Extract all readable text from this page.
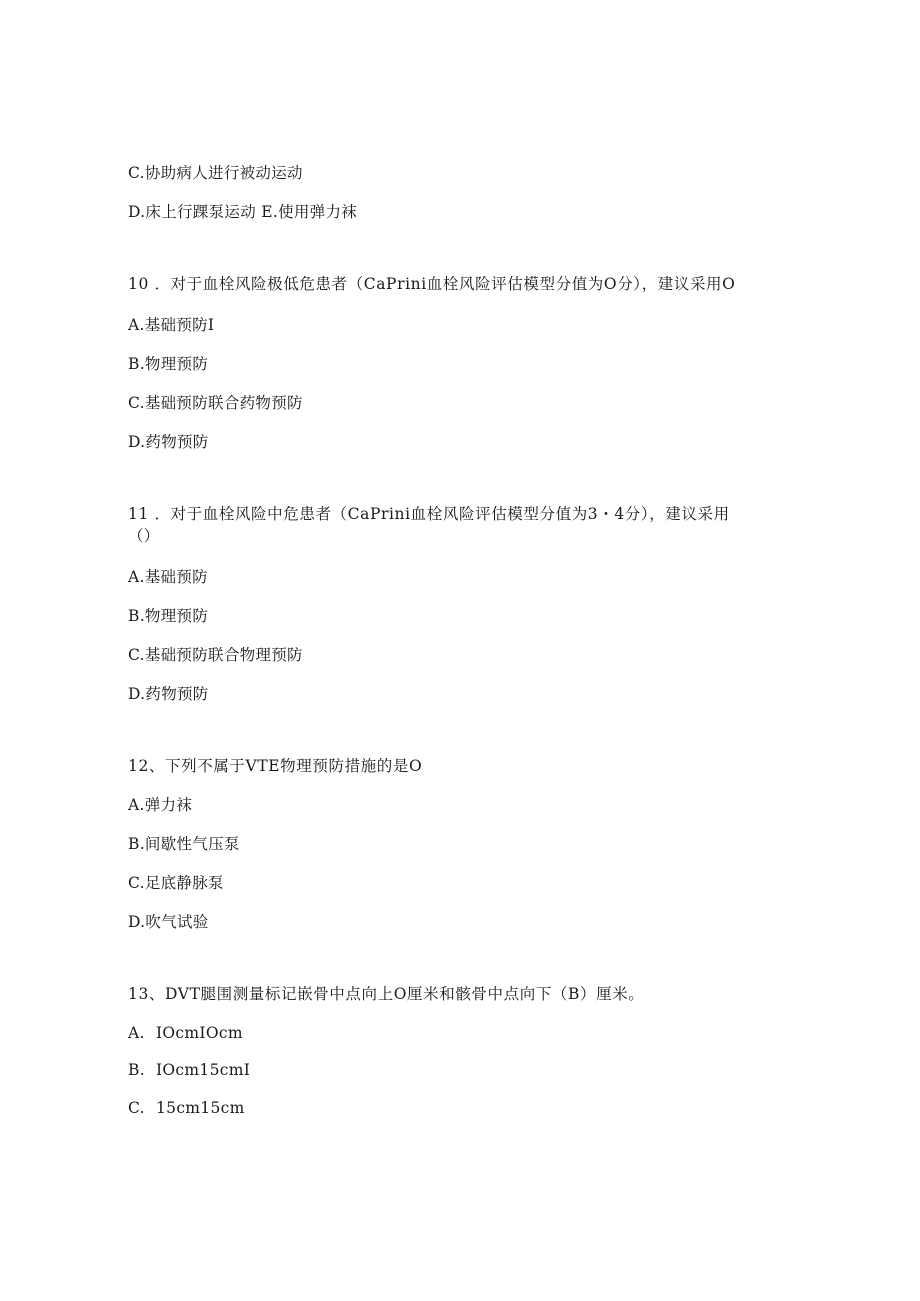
C.协助病人进行被动运动
D.床上行踝泵运动 E.使用弹力袜
10 ．对于血栓风险极低危患者（CaPrini血栓风险评估模型分值为O分），建议采用O
A.基础预防I
B.物理预防
C.基础预防联合药物预防
D.药物预防
11 ．对于血栓风险中危患者（CaPrini血栓风险评估模型分值为3・4分），建议采用
（）
A.基础预防
B.物理预防
C.基础预防联合物理预防
D.药物预防
12、下列不属于VTE物理预防措施的是O
A.弹力袜
B.间歇性气压泵
C.足底静脉泵
D.吹气试验
13、DVT腿围测量标记嵌骨中点向上O厘米和骸骨中点向下（B）厘米。
A. IOcmIOcm
B. IOcm15cmI
C. 15cm15cm
